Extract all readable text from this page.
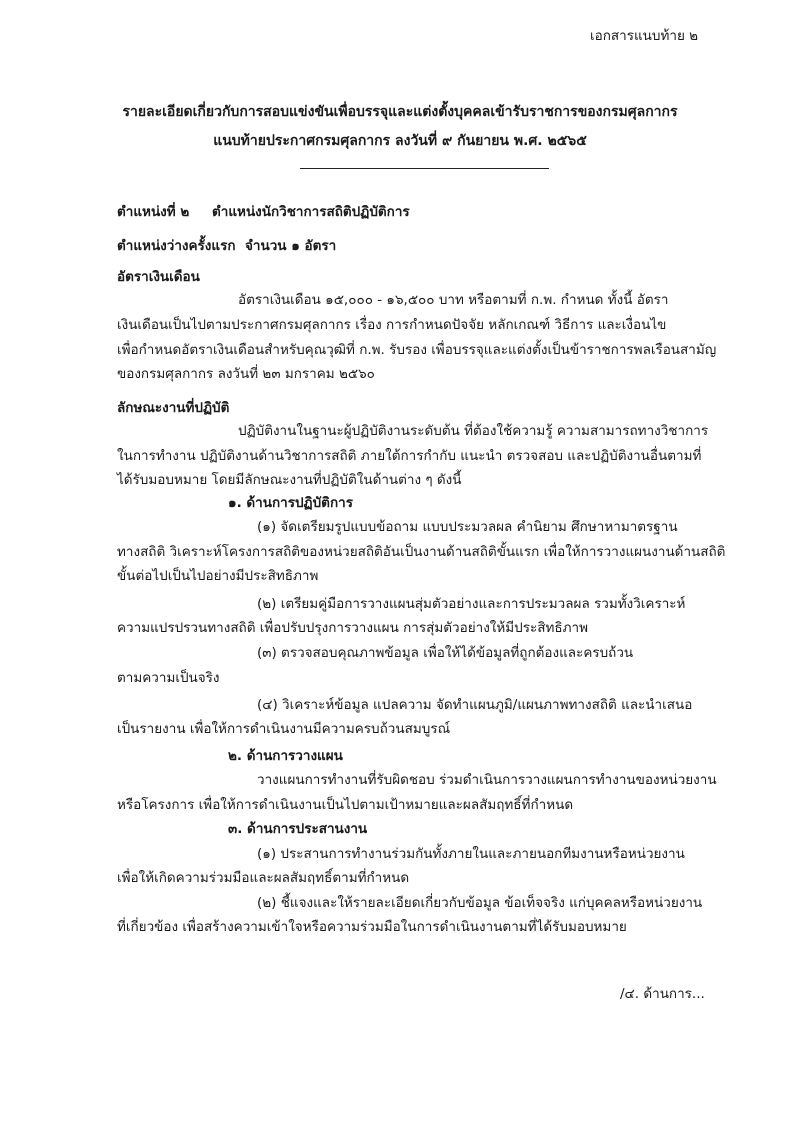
เอกสารแนบท้าย ๒
รายละเอียดเกี่ยวกับการสอบแข่งขันเพื่อบรรจุและแต่งตั้งบุคคลเข้ารับราชการของกรมศุลกากร
แนบท้ายประกาศกรมศุลกากร ลงวันที่ ๙ กันยายน พ.ศ. ๒๕๖๕
ตำแหน่งที่ ๒ ตำแหน่งนักวิชาการสถิติปฏิบัติการ
ตำแหน่งว่างครั้งแรก จำนวน ๑ อัตรา
อัตราเงินเดือน
อัตราเงินเดือน ๑๕,๐๐๐ - ๑๖,๕๐๐ บาท หรือตามที่ ก.พ. กำหนด ทั้งนี้ อัตรา
เงินเดือนเป็นไปตามประกาศกรมศุลกากร เรื่อง การกำหนดปัจจัย หลักเกณฑ์ วิธีการ และเงื่อนไข
เพื่อกำหนดอัตราเงินเดือนสำหรับคุณวุฒิที่ ก.พ. รับรอง เพื่อบรรจุและแต่งตั้งเป็นข้าราชการพลเรือนสามัญ
ของกรมศุลกากร ลงวันที่ ๒๓ มกราคม ๒๕๖๐
ลักษณะงานที่ปฏิบัติ
ปฏิบัติงานในฐานะผู้ปฏิบัติงานระดับต้น ที่ต้องใช้ความรู้ ความสามารถทางวิชาการ
ในการทำงาน ปฏิบัติงานด้านวิชาการสถิติ ภายใต้การกำกับ แนะนำ ตรวจสอบ และปฏิบัติงานอื่นตามที่
ได้รับมอบหมาย โดยมีลักษณะงานที่ปฏิบัติในด้านต่าง ๆ ดังนี้
๑. ด้านการปฏิบัติการ
(๑) จัดเตรียมรูปแบบข้อถาม แบบประมวลผล คำนิยาม ศึกษาหามาตรฐาน
ทางสถิติ วิเคราะห์โครงการสถิติของหน่วยสถิติอันเป็นงานด้านสถิติขั้นแรก เพื่อให้การวางแผนงานด้านสถิติ
ขั้นต่อไปเป็นไปอย่างมีประสิทธิภาพ
(๒) เตรียมคู่มือการวางแผนสุ่มตัวอย่างและการประมวลผล รวมทั้งวิเคราะห์
ความแปรปรวนทางสถิติ เพื่อปรับปรุงการวางแผน การสุ่มตัวอย่างให้มีประสิทธิภาพ
(๓) ตรวจสอบคุณภาพข้อมูล เพื่อให้ได้ข้อมูลที่ถูกต้องและครบถ้วน
ตามความเป็นจริง
(๔) วิเคราะห์ข้อมูล แปลความ จัดทำแผนภูมิ/แผนภาพทางสถิติ และนำเสนอ
เป็นรายงาน เพื่อให้การดำเนินงานมีความครบถ้วนสมบูรณ์
๒. ด้านการวางแผน
วางแผนการทำงานที่รับผิดชอบ ร่วมดำเนินการวางแผนการทำงานของหน่วยงาน
หรือโครงการ เพื่อให้การดำเนินงานเป็นไปตามเป้าหมายและผลสัมฤทธิ์ที่กำหนด
๓. ด้านการประสานงาน
(๑) ประสานการทำงานร่วมกันทั้งภายในและภายนอกทีมงานหรือหน่วยงาน
เพื่อให้เกิดความร่วมมือและผลสัมฤทธิ์ตามที่กำหนด
(๒) ชี้แจงและให้รายละเอียดเกี่ยวกับข้อมูล ข้อเท็จจริง แก่บุคคลหรือหน่วยงาน
ที่เกี่ยวข้อง เพื่อสร้างความเข้าใจหรือความร่วมมือในการดำเนินงานตามที่ได้รับมอบหมาย
/๔. ด้านการ...
